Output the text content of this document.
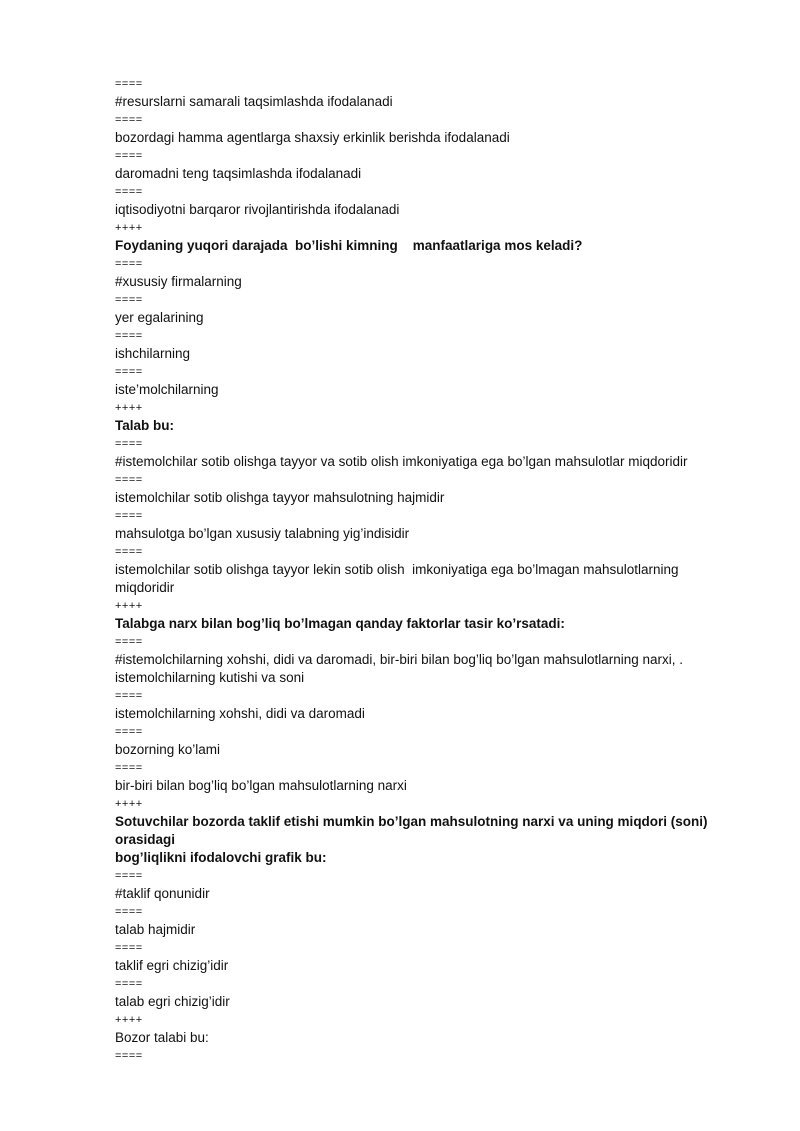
====
#resurslarni samarali taqsimlashda ifodalanadi
====
bozordagi hamma agentlarga shaxsiy erkinlik berishda ifodalanadi
====
daromadni teng taqsimlashda ifodalanadi
====
iqtisodiyotni barqaror rivojlantirishda ifodalanadi
++++
Foydaning yuqori darajada  bo’lishi kimning    manfaatlariga mos keladi?
====
#xususiy firmalarning
====
yer egalarining
====
ishchilarning
====
iste’molchilarning
++++
Talab bu:
====
#istemolchilar sotib olishga tayyor va sotib olish imkoniyatiga ega bo’lgan mahsulotlar miqdoridir
====
istemolchilar sotib olishga tayyor mahsulotning hajmidir
====
mahsulotga bo’lgan xususiy talabning yig’indisidir
====
istemolchilar sotib olishga tayyor lekin sotib olish  imkoniyatiga ega bo’lmagan mahsulotlarning
miqdoridir
++++
Talabga narx bilan bog’liq bo’lmagan qanday faktorlar tasir ko’rsatadi:
====
#istemolchilarning xohshi, didi va daromadi, bir-biri bilan bog’liq bo’lgan mahsulotlarning narxi, .
istemolchilarning kutishi va soni
====
istemolchilarning xohshi, didi va daromadi
====
bozorning ko’lami
====
bir-biri bilan bog’liq bo’lgan mahsulotlarning narxi
++++
Sotuvchilar bozorda taklif etishi mumkin bo’lgan mahsulotning narxi va uning miqdori (soni) orasidagi
bog’liqlikni ifodalovchi grafik bu:
====
#taklif qonunidir
====
talab hajmidir
====
taklif egri chizig’idir
====
talab egri chizig’idir
++++
Bozor talabi bu:
====
